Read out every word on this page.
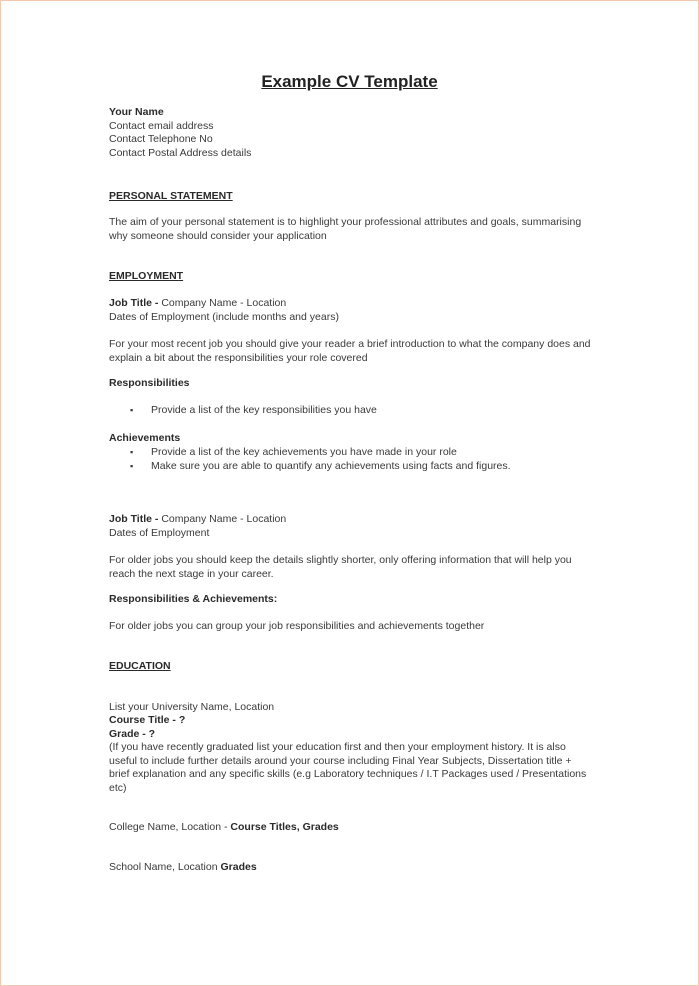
Example CV Template
Your Name
Contact email address
Contact Telephone No
Contact Postal Address details
PERSONAL STATEMENT
The aim of your personal statement is to highlight your professional attributes and goals, summarising why someone should consider your application
EMPLOYMENT
Job Title - Company Name - Location
Dates of Employment (include months and years)
For your most recent job you should give your reader a brief introduction to what the company does and explain a bit about the responsibilities your role covered
Responsibilities
▪ Provide a list of the key responsibilities you have
Achievements
▪ Provide a list of the key achievements you have made in your role
▪ Make sure you are able to quantify any achievements using facts and figures.
Job Title - Company Name - Location
Dates of Employment
For older jobs you should keep the details slightly shorter, only offering information that will help you reach the next stage in your career.
Responsibilities & Achievements:
For older jobs you can group your job responsibilities and achievements together
EDUCATION
List your University Name, Location
Course Title - ?
Grade - ?
(If you have recently graduated list your education first and then your employment history. It is also useful to include further details around your course including Final Year Subjects, Dissertation title + brief explanation and any specific skills (e.g Laboratory techniques / I.T Packages used / Presentations etc)
College Name, Location - Course Titles, Grades
School Name, Location Grades
